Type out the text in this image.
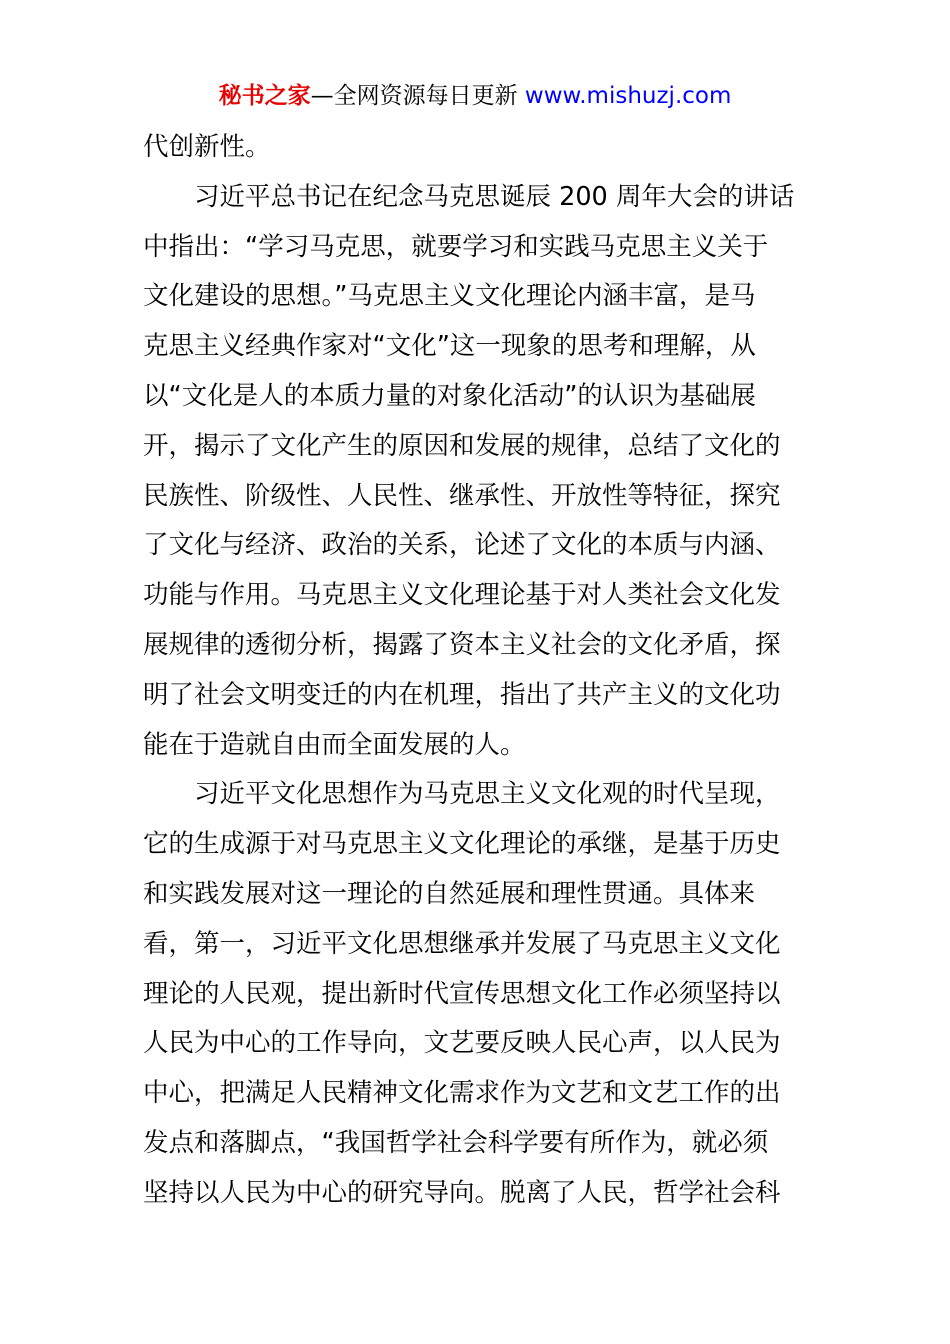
秘书之家—全网资源每日更新 www.mishuzj.com
代创新性。
　　习近平总书记在纪念马克思诞辰 200 周年大会的讲话
中指出：“学习马克思，就要学习和实践马克思主义关于
文化建设的思想。”马克思主义文化理论内涵丰富，是马
克思主义经典作家对“文化”这一现象的思考和理解，从
以“文化是人的本质力量的对象化活动”的认识为基础展
开，揭示了文化产生的原因和发展的规律，总结了文化的
民族性、阶级性、人民性、继承性、开放性等特征，探究
了文化与经济、政治的关系，论述了文化的本质与内涵、
功能与作用。马克思主义文化理论基于对人类社会文化发
展规律的透彻分析，揭露了资本主义社会的文化矛盾，探
明了社会文明变迁的内在机理，指出了共产主义的文化功
能在于造就自由而全面发展的人。
　　习近平文化思想作为马克思主义文化观的时代呈现，
它的生成源于对马克思主义文化理论的承继，是基于历史
和实践发展对这一理论的自然延展和理性贯通。具体来
看，第一，习近平文化思想继承并发展了马克思主义文化
理论的人民观，提出新时代宣传思想文化工作必须坚持以
人民为中心的工作导向，文艺要反映人民心声，以人民为
中心，把满足人民精神文化需求作为文艺和文艺工作的出
发点和落脚点，“我国哲学社会科学要有所作为，就必须
坚持以人民为中心的研究导向。脱离了人民，哲学社会科
